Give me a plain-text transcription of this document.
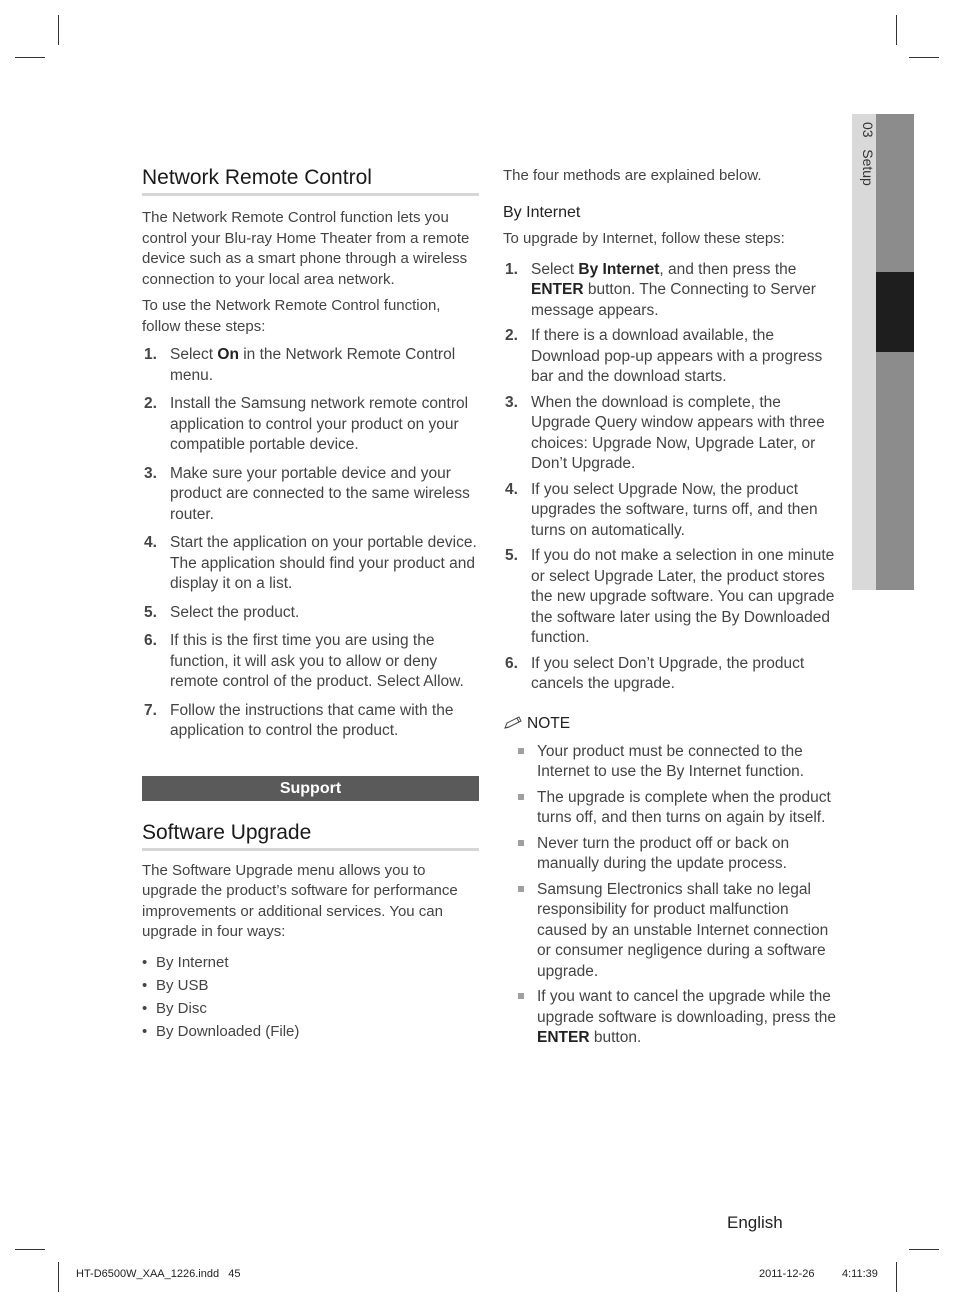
03   Setup
Network Remote Control

The Network Remote Control function lets you control your Blu-ray Home Theater from a remote device such as a smart phone through a wireless connection to your local area network.

To use the Network Remote Control function, follow these steps:

1. Select On in the Network Remote Control menu.
2. Install the Samsung network remote control application to control your product on your compatible portable device.
3. Make sure your portable device and your product are connected to the same wireless router.
4. Start the application on your portable device. The application should find your product and display it on a list.
5. Select the product.
6. If this is the first time you are using the function, it will ask you to allow or deny remote control of the product. Select Allow.
7. Follow the instructions that came with the application to control the product.
Support
Software Upgrade

The Software Upgrade menu allows you to upgrade the product’s software for performance improvements or additional services. You can upgrade in four ways:

• By Internet
• By USB
• By Disc
• By Downloaded (File)

The four methods are explained below.

By Internet

To upgrade by Internet, follow these steps:

1. Select By Internet, and then press the ENTER button. The Connecting to Server message appears.
2. If there is a download available, the Download pop-up appears with a progress bar and the download starts.
3. When the download is complete, the Upgrade Query window appears with three choices: Upgrade Now, Upgrade Later, or Don’t Upgrade.
4. If you select Upgrade Now, the product upgrades the software, turns off, and then turns on automatically.
5. If you do not make a selection in one minute or select Upgrade Later, the product stores the new upgrade software. You can upgrade the software later using the By Downloaded function.
6. If you select Don’t Upgrade, the product cancels the upgrade.
NOTE
Your product must be connected to the Internet to use the By Internet function.
The upgrade is complete when the product turns off, and then turns on again by itself.
Never turn the product off or back on manually during the update process.
Samsung Electronics shall take no legal responsibility for product malfunction caused by an unstable Internet connection or consumer negligence during a software upgrade.
If you want to cancel the upgrade while the upgrade software is downloading, press the ENTER button.
English
HT-D6500W_XAA_1226.indd   45	2011-12-26	4:11:39
